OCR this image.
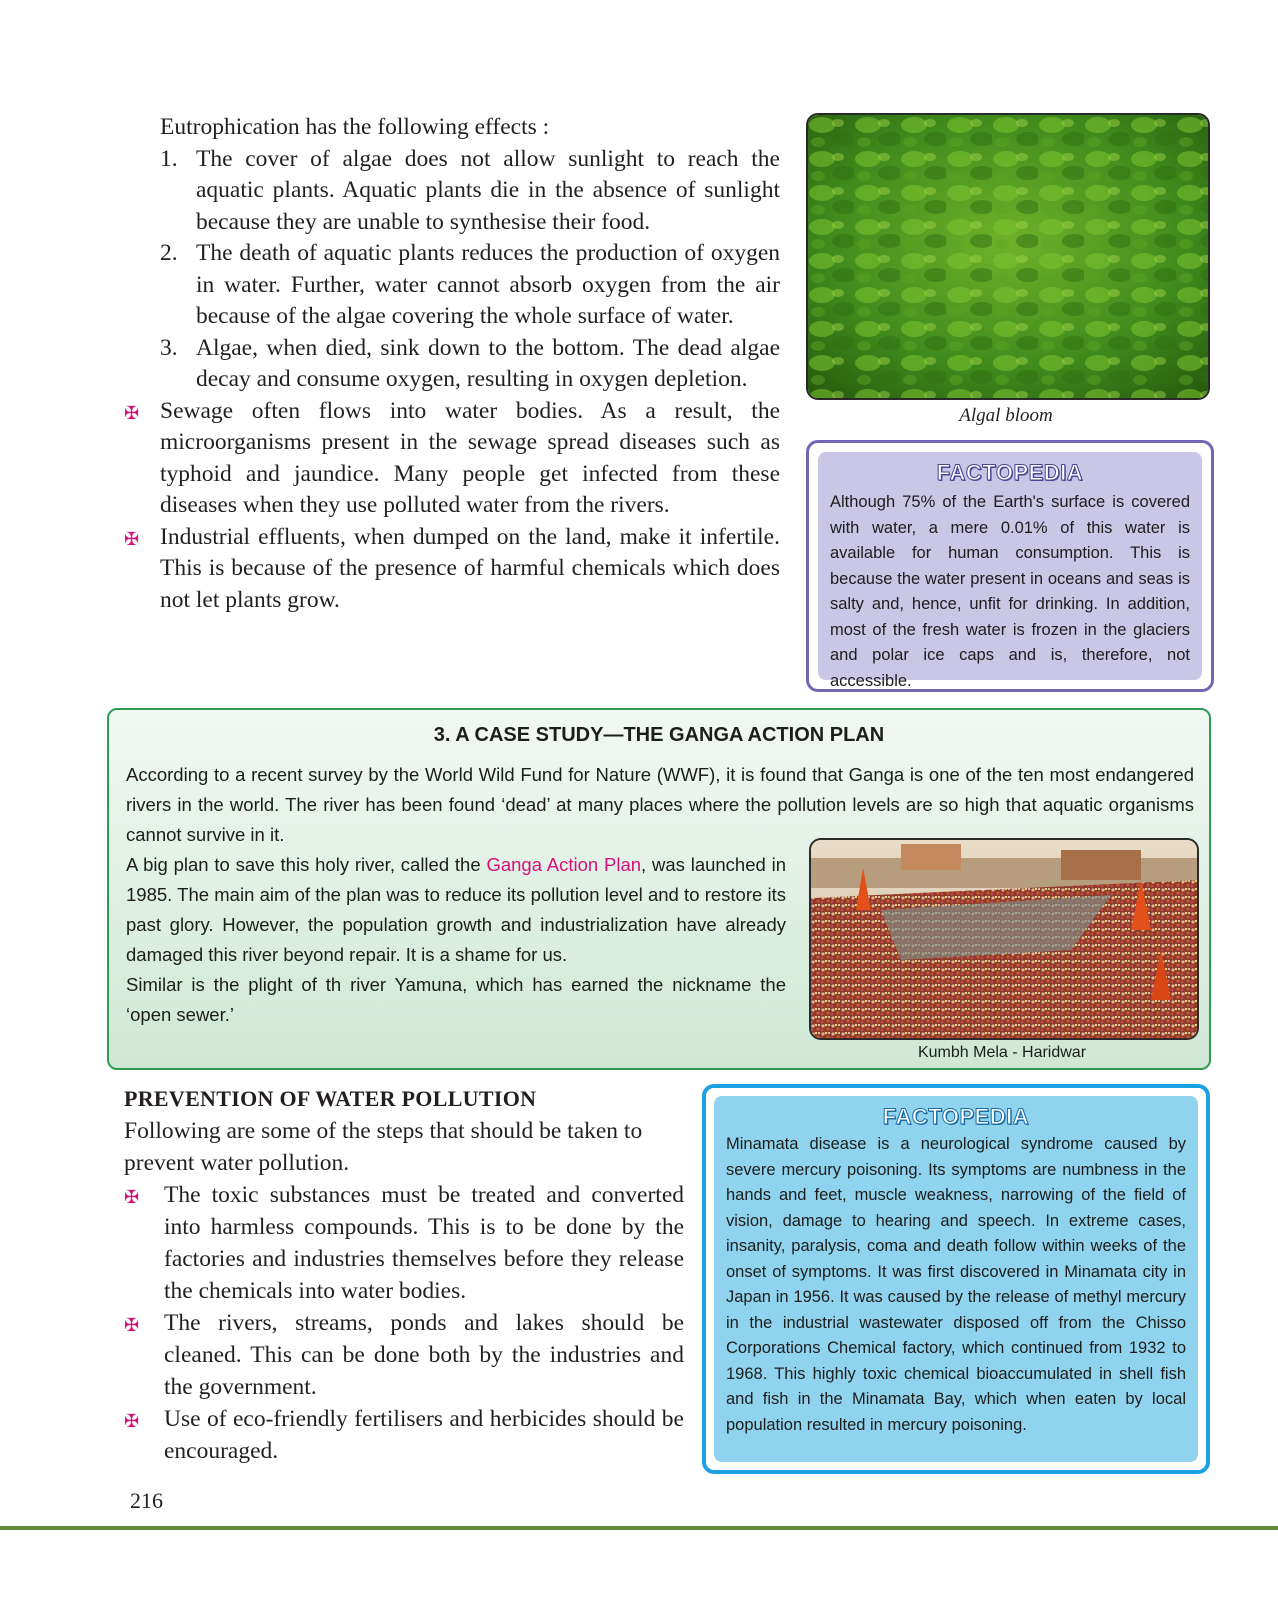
Eutrophication has the following effects :

1. The cover of algae does not allow sunlight to reach the aquatic plants. Aquatic plants die in the absence of sunlight because they are unable to synthesise their food.

2. The death of aquatic plants reduces the production of oxygen in water. Further, water cannot absorb oxygen from the air because of the algae covering the whole surface of water.

3. Algae, when died, sink down to the bottom. The dead algae decay and consume oxygen, resulting in oxygen depletion.

✠ Sewage often flows into water bodies. As a result, the microorganisms present in the sewage spread diseases such as typhoid and jaundice. Many people get infected from these diseases when they use polluted water from the rivers.

✠ Industrial effluents, when dumped on the land, make it infertile. This is because of the presence of harmful chemicals which does not let plants grow.

Algal bloom
FACTOPEDIA
Although 75% of the Earth's surface is covered with water, a mere 0.01% of this water is available for human consumption. This is because the water present in oceans and seas is salty and, hence, unfit for drinking. In addition, most of the fresh water is frozen in the glaciers and polar ice caps and is, therefore, not accessible.
3. A CASE STUDY—THE GANGA ACTION PLAN
According to a recent survey by the World Wild Fund for Nature (WWF), it is found that Ganga is one of the ten most endangered rivers in the world. The river has been found ‘dead’ at many places where the pollution levels are so high that aquatic organisms cannot survive in it.
A big plan to save this holy river, called the Ganga Action Plan, was launched in 1985. The main aim of the plan was to reduce its pollution level and to restore its past glory. However, the population growth and industrialization have already damaged this river beyond repair. It is a shame for us.
Similar is the plight of th river Yamuna, which has earned the nickname the ‘open sewer.’
Kumbh Mela - Haridwar

PREVENTION OF WATER POLLUTION

Following are some of the steps that should be taken to prevent water pollution.

✠ The toxic substances must be treated and converted into harmless compounds. This is to be done by the factories and industries themselves before they release the chemicals into water bodies.

✠ The rivers, streams, ponds and lakes should be cleaned. This can be done both by the industries and the government.

✠ Use of eco-friendly fertilisers and herbicides should be encouraged.

FACTOPEDIA
Minamata disease is a neurological syndrome caused by severe mercury poisoning. Its symptoms are numbness in the hands and feet, muscle weakness, narrowing of the field of vision, damage to hearing and speech. In extreme cases, insanity, paralysis, coma and death follow within weeks of the onset of symptoms. It was first discovered in Minamata city in Japan in 1956. It was caused by the release of methyl mercury in the industrial wastewater disposed off from the Chisso Corporations Chemical factory, which continued from 1932 to 1968. This highly toxic chemical bioaccumulated in shell fish and fish in the Minamata Bay, which when eaten by local population resulted in mercury poisoning.
216
